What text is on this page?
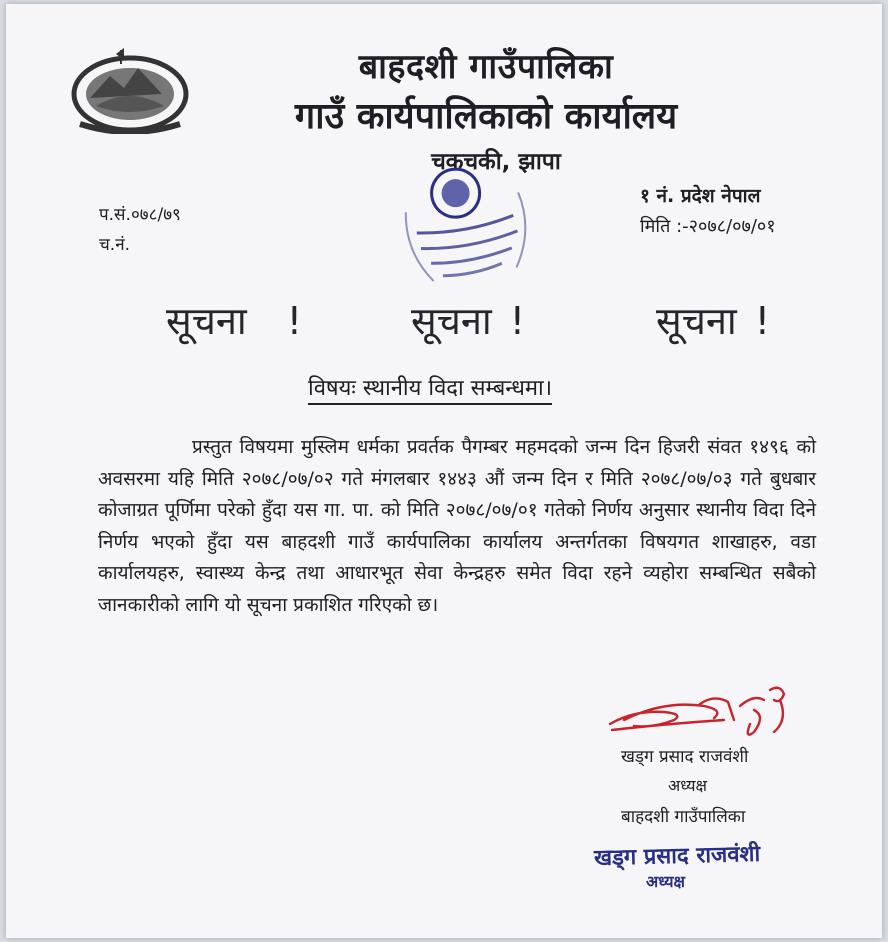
बाहदशी गाउँपालिका
गाउँ कार्यपालिकाको कार्यालय
चकचकी, झापा
प.सं.०७८/७९
च.नं.
१ नं. प्रदेश नेपाल
मिति :-२०७८/०७/०१
सूचना !	सूचना !	सूचना !
विषयः स्थानीय विदा सम्बन्धमा।

प्रस्तुत विषयमा मुस्लिम धर्मका प्रवर्तक पैगम्बर महमदको जन्म दिन हिजरी संवत १४९६ को अवसरमा यहि मिति २०७८/०७/०२ गते मंगलबार १४४३ औं जन्म दिन र मिति २०७८/०७/०३ गते बुधबार कोजाग्रत पूर्णिमा परेको हुँदा यस गा. पा. को मिति २०७८/०७/०१ गतेको निर्णय अनुसार स्थानीय विदा दिने निर्णय भएको हुँदा यस बाहदशी गाउँ कार्यपालिका कार्यालय अन्तर्गतका विषयगत शाखाहरु, वडा कार्यालयहरु, स्वास्थ्य केन्द्र तथा आधारभूत सेवा केन्द्रहरु समेत विदा रहने व्यहोरा सम्बन्धित सबैको जानकारीको लागि यो सूचना प्रकाशित गरिएको छ।

खड्ग प्रसाद राजवंशी
अध्यक्ष
बाहदशी गाउँपालिका
खड्ग प्रसाद राजवंशी
अध्यक्ष
